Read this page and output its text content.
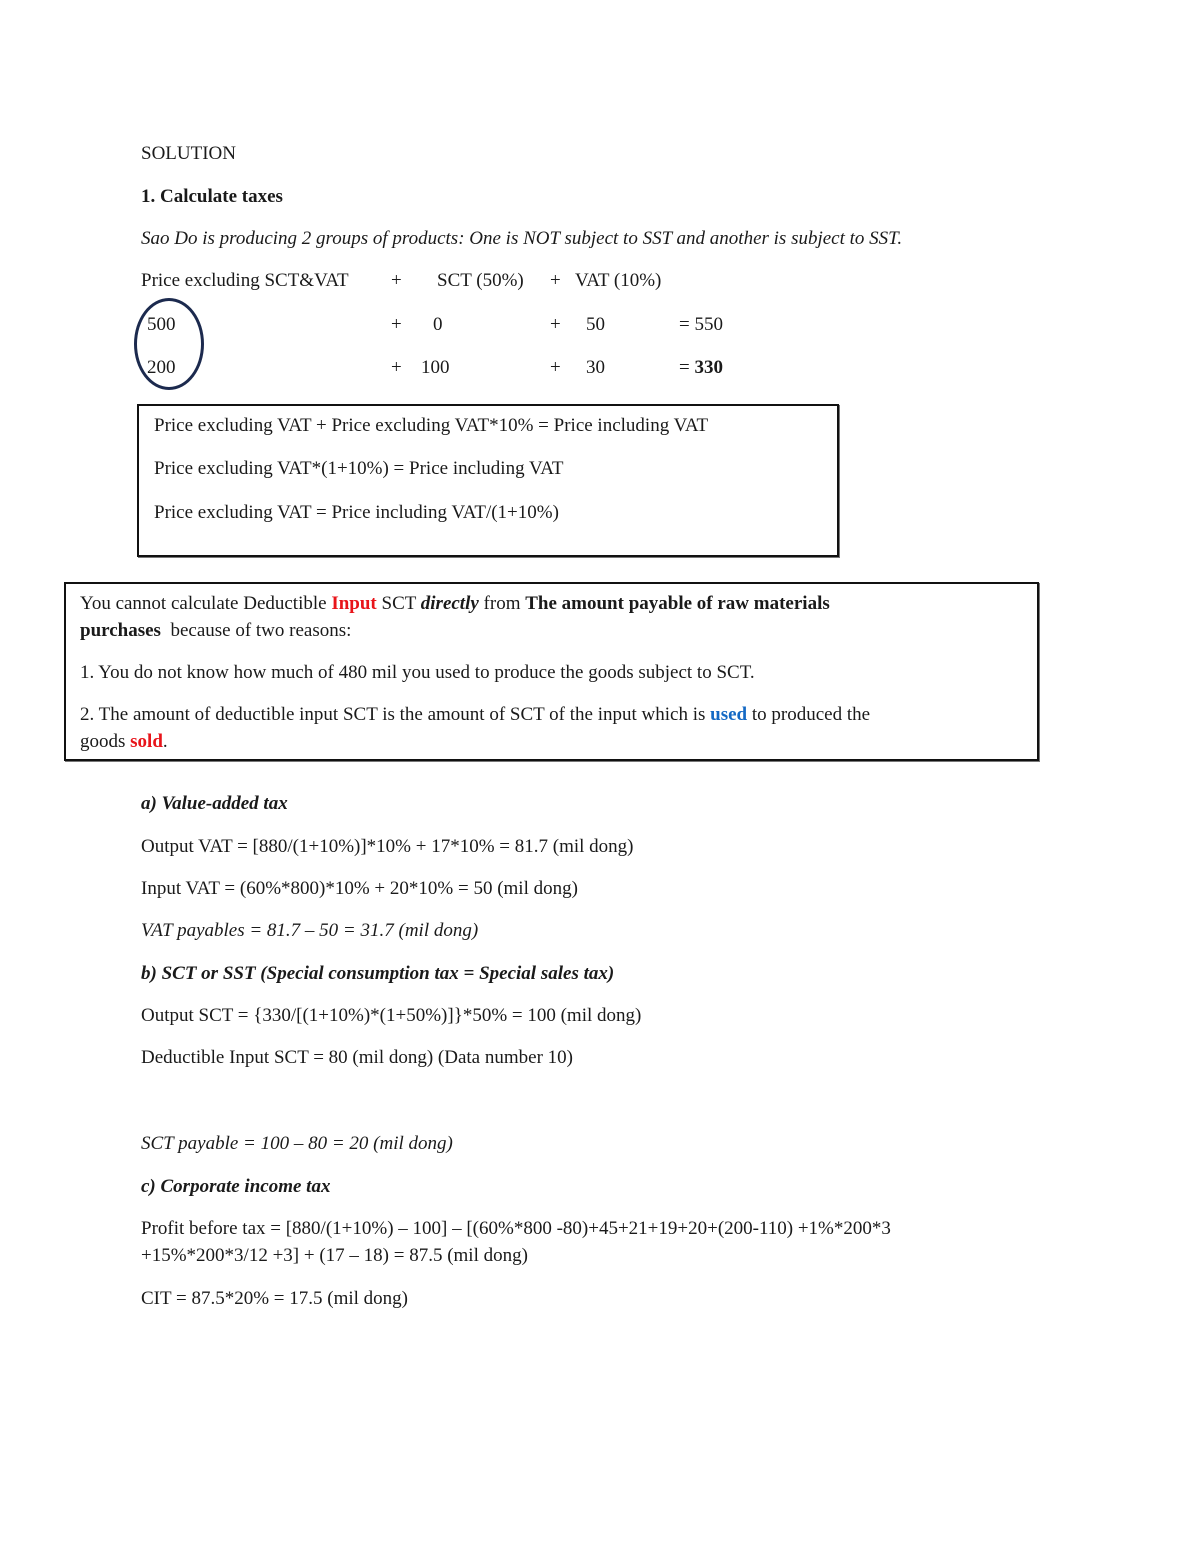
SOLUTION
1. Calculate taxes
Sao Do is producing 2 groups of products: One is NOT subject to SST and another is subject to SST.
Price excluding SCT&VAT + SCT (50%) + VAT (10%)
500	+ 0	+ 50	= 550
200	+ 100	+ 30	= 330
Price excluding VAT + Price excluding VAT*10% = Price including VAT
Price excluding VAT*(1+10%) = Price including VAT
Price excluding VAT = Price including VAT/(1+10%)
You cannot calculate Deductible Input SCT directly from The amount payable of raw materials
purchases  because of two reasons:
1. You do not know how much of 480 mil you used to produce the goods subject to SCT.
2. The amount of deductible input SCT is the amount of SCT of the input which is used to produced the
goods sold.
a) Value-added tax
Output VAT = [880/(1+10%)]*10% + 17*10% = 81.7 (mil dong)
Input VAT = (60%*800)*10% + 20*10% = 50 (mil dong)
VAT payables = 81.7 – 50 = 31.7 (mil dong)
b) SCT or SST (Special consumption tax = Special sales tax)
Output SCT = {330/[(1+10%)*(1+50%)]}*50% = 100 (mil dong)
Deductible Input SCT = 80 (mil dong) (Data number 10)
SCT payable = 100 – 80 = 20 (mil dong)
c) Corporate income tax
Profit before tax = [880/(1+10%) – 100] – [(60%*800 -80)+45+21+19+20+(200-110) +1%*200*3
+15%*200*3/12 +3] + (17 – 18) = 87.5 (mil dong)
CIT = 87.5*20% = 17.5 (mil dong)
